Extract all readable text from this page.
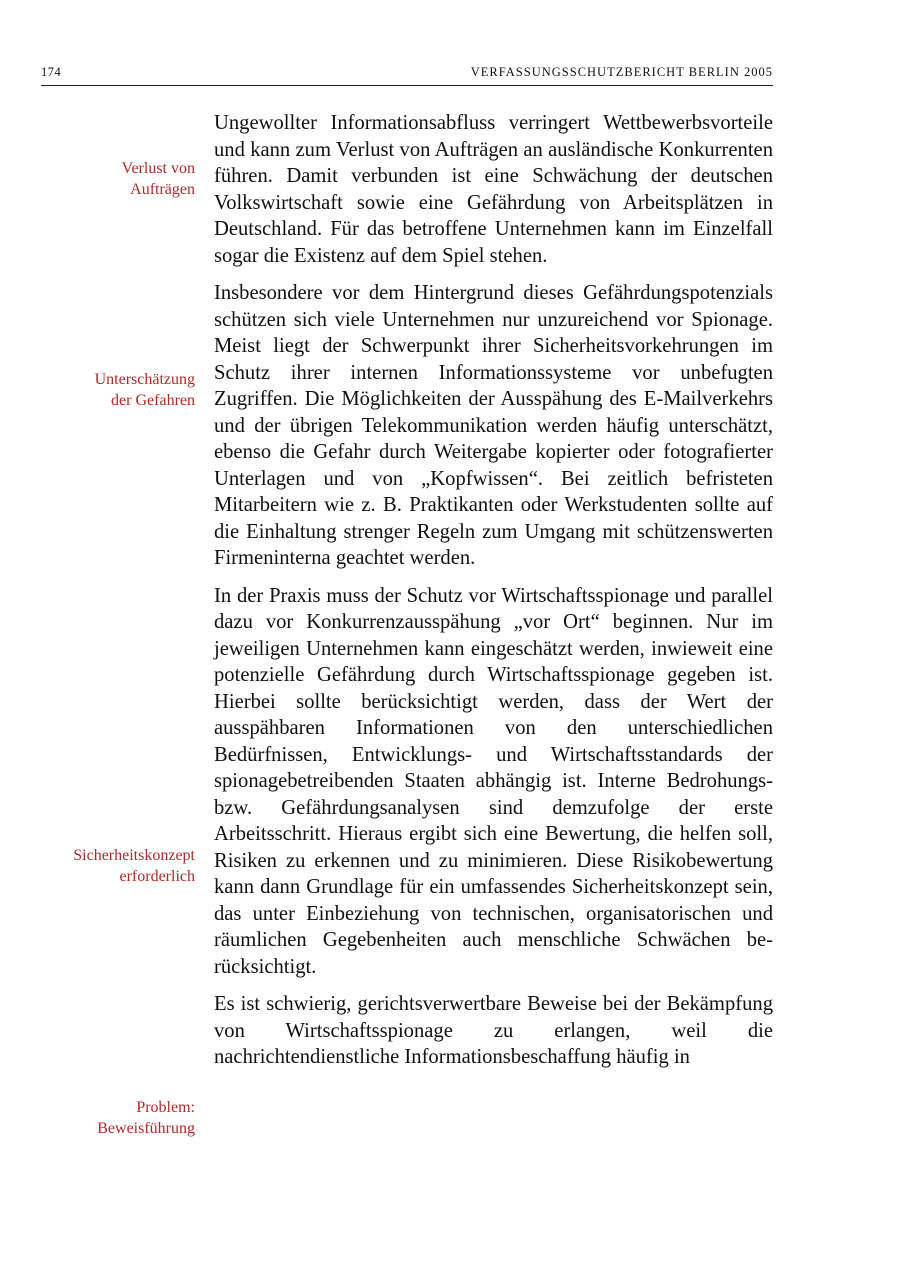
174	VERFASSUNGSSCHUTZBERICHT BERLIN 2005
Verlust von
Aufträgen
Unterschätzung
der Gefahren
Sicherheitskonzept
erforderlich
Problem:
Beweisführung

Ungewollter Informationsabfluss verringert Wettbewerbsvorteile und kann zum Verlust von Aufträgen an ausländische Konkurrenten führen. Damit verbunden ist eine Schwächung der deutschen Volkswirtschaft sowie eine Gefährdung von Arbeitsplätzen in Deutschland. Für das betroffene Unternehmen kann im Einzelfall sogar die Existenz auf dem Spiel stehen.

Insbesondere vor dem Hintergrund dieses Gefährdungspotenzials schützen sich viele Unternehmen nur unzureichend vor Spionage. Meist liegt der Schwerpunkt ihrer Sicherheitsvorkehrungen im Schutz ihrer internen Informationssysteme vor unbefugten Zugriffen. Die Möglichkeiten der Ausspähung des E-Mailverkehrs und der übrigen Telekommunikation werden häufig unterschätzt, ebenso die Gefahr durch Weitergabe kopierter oder fotografierter Unterlagen und von „Kopfwissen“. Bei zeitlich befristeten Mitarbeitern wie z. B. Praktikanten oder Werkstudenten sollte auf die Einhaltung strenger Regeln zum Umgang mit schützenswerten Firmeninterna geachtet werden.

In der Praxis muss der Schutz vor Wirtschaftsspionage und parallel dazu vor Konkurrenzausspähung „vor Ort“ beginnen. Nur im jeweiligen Unternehmen kann eingeschätzt werden, inwieweit eine potenzielle Gefährdung durch Wirtschaftsspionage gegeben ist. Hierbei sollte berücksichtigt werden, dass der Wert der ausspähbaren Informationen von den unterschiedlichen Bedürfnissen, Entwicklungs- und Wirtschaftsstandards der spionagebetreibenden Staaten abhängig ist. Interne Bedrohungs- bzw. Gefährdungsanalysen sind demzufolge der erste Arbeitsschritt. Hieraus ergibt sich eine Bewertung, die helfen soll, Risiken zu erkennen und zu minimieren. Diese Risikobewertung kann dann Grundlage für ein umfassendes Sicherheitskonzept sein, das unter Einbeziehung von technischen, organisatorischen und räumlichen Gegebenheiten auch menschliche Schwächen berücksichtigt.

Es ist schwierig, gerichtsverwertbare Beweise bei der Bekämpfung von Wirtschaftsspionage zu erlangen, weil die nachrichtendienstliche Informationsbeschaffung häufig in
